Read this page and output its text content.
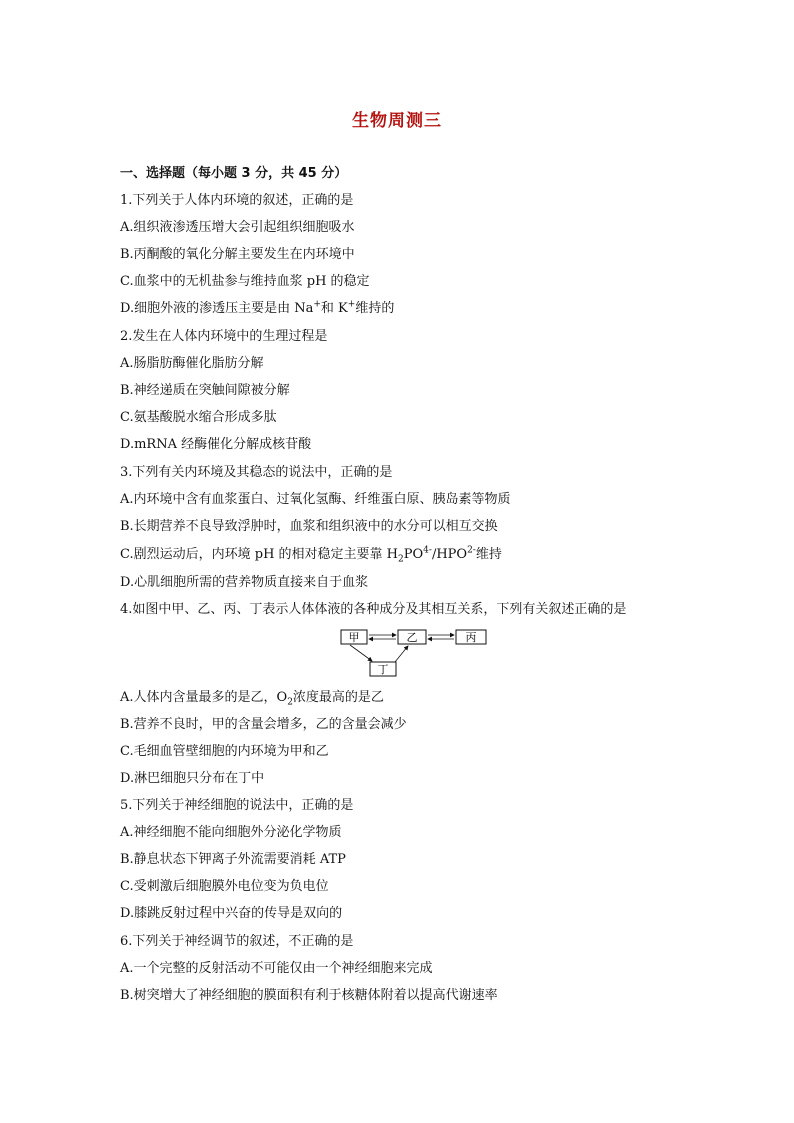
生物周测三
一、选择题（每小题 3 分，共 45 分）
1.下列关于人体内环境的叙述，正确的是
A.组织液渗透压增大会引起组织细胞吸水
B.丙酮酸的氧化分解主要发生在内环境中
C.血浆中的无机盐参与维持血浆 pH 的稳定
D.细胞外液的渗透压主要是由 Na+和 K+维持的
2.发生在人体内环境中的生理过程是
A.肠脂肪酶催化脂肪分解
B.神经递质在突触间隙被分解
C.氨基酸脱水缩合形成多肽
D.mRNA 经酶催化分解成核苷酸
3.下列有关内环境及其稳态的说法中，正确的是
A.内环境中含有血浆蛋白、过氧化氢酶、纤维蛋白原、胰岛素等物质
B.长期营养不良导致浮肿时，血浆和组织液中的水分可以相互交换
C.剧烈运动后，内环境 pH 的相对稳定主要靠 $H_2PO^{4-}/HPO^{2-}$维持
D.心肌细胞所需的营养物质直接来自于血浆
4.如图中甲、乙、丙、丁表示人体体液的各种成分及其相互关系，下列有关叙述正确的是
甲	乙	丙
丁
A.人体内含量最多的是乙，$O_2$浓度最高的是乙
B.营养不良时，甲的含量会增多，乙的含量会减少
C.毛细血管壁细胞的内环境为甲和乙
D.淋巴细胞只分布在丁中
5.下列关于神经细胞的说法中，正确的是
A.神经细胞不能向细胞外分泌化学物质
B.静息状态下钾离子外流需要消耗 ATP
C.受刺激后细胞膜外电位变为负电位
D.膝跳反射过程中兴奋的传导是双向的
6.下列关于神经调节的叙述，不正确的是
A.一个完整的反射活动不可能仅由一个神经细胞来完成
B.树突增大了神经细胞的膜面积有利于核糖体附着以提高代谢速率
